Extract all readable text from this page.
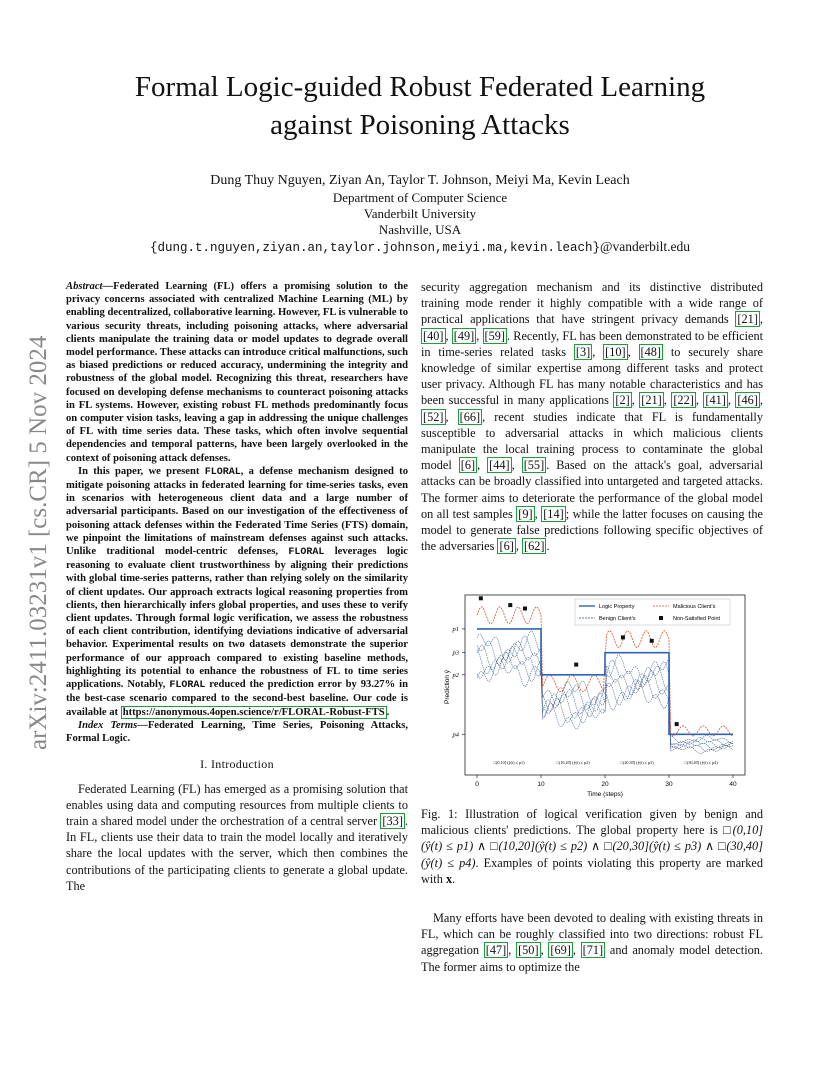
arXiv:2411.03231v1 [cs.CR] 5 Nov 2024
Formal Logic-guided Robust Federated Learning
against Poisoning Attacks
Dung Thuy Nguyen, Ziyan An, Taylor T. Johnson, Meiyi Ma, Kevin Leach
Department of Computer Science
Vanderbilt University
Nashville, USA
{dung.t.nguyen,ziyan.an,taylor.johnson,meiyi.ma,kevin.leach}@vanderbilt.edu

Abstract—Federated Learning (FL) offers a promising solution to the privacy concerns associated with centralized Machine Learning (ML) by enabling decentralized, collaborative learning. However, FL is vulnerable to various security threats, including poisoning attacks, where adversarial clients manipulate the training data or model updates to degrade overall model performance. These attacks can introduce critical malfunctions, such as biased predictions or reduced accuracy, undermining the integrity and robustness of the global model. Recognizing this threat, researchers have focused on developing defense mechanisms to counteract poisoning attacks in FL systems. However, existing robust FL methods predominantly focus on computer vision tasks, leaving a gap in addressing the unique challenges of FL with time series data. These tasks, which often involve sequential dependencies and temporal patterns, have been largely overlooked in the context of poisoning attack defenses.

In this paper, we present FLORAL, a defense mechanism designed to mitigate poisoning attacks in federated learning for time-series tasks, even in scenarios with heterogeneous client data and a large number of adversarial participants. Based on our investigation of the effectiveness of poisoning attack defenses within the Federated Time Series (FTS) domain, we pinpoint the limitations of mainstream defenses against such attacks. Unlike traditional model-centric defenses, FLORAL leverages logic reasoning to evaluate client trustworthiness by aligning their predictions with global time-series patterns, rather than relying solely on the similarity of client updates. Our approach extracts logical reasoning properties from clients, then hierarchically infers global properties, and uses these to verify client updates. Through formal logic verification, we assess the robustness of each client contribution, identifying deviations indicative of adversarial behavior. Experimental results on two datasets demonstrate the superior performance of our approach compared to existing baseline methods, highlighting its potential to enhance the robustness of FL to time series applications. Notably, FLORAL reduced the prediction error by 93.27% in the best-case scenario compared to the second-best baseline. Our code is available at https://anonymous.4open.science/r/FLORAL-Robust-FTS .

Index Terms—Federated Learning, Time Series, Poisoning Attacks, Formal Logic.
I. Introduction

Federated Learning (FL) has emerged as a promising solution that enables using data and computing resources from multiple clients to train a shared model under the orchestration of a central server [33] . In FL, clients use their data to train the model locally and iteratively share the local updates with the server, which then combines the contributions of the participating clients to generate a global update. The

security aggregation mechanism and its distinctive distributed training mode render it highly compatible with a wide range of practical applications that have stringent privacy demands [21] , [40] , [49] , [59] . Recently, FL has been demonstrated to be efficient in time-series related tasks [3] , [10] , [48] to securely share knowledge of similar expertise among different tasks and protect user privacy. Although FL has many notable characteristics and has been successful in many applications [2] , [21] , [22] , [41] , [46] , [52] , [66] , recent studies indicate that FL is fundamentally susceptible to adversarial attacks in which malicious clients manipulate the local training process to contaminate the global model [6] , [44] , [55] . Based on the attack's goal, adversarial attacks can be broadly classified into untargeted and targeted attacks. The former aims to deteriorate the performance of the global model on all test samples [9] , [14] ; while the latter focuses on causing the model to generate false predictions following specific objectives of the adversaries [6] , [62] .

0	10	20	30	40
Time (steps)
Prediction ŷ
p1
p3
p2
p4
□(0,10] (ŷ(t) ≤ p1)	□(10,20] (ŷ(t) ≤ p2)	□(20,30] (ŷ(t) ≤ p3)	□(30,40] (ŷ(t) ≤ p4)
Logic Property
Benign Client's
Malicious Client's
Non-Satisfied Point
Fig. 1: Illustration of logical verification given by benign and malicious clients' predictions. The global property here is □(0,10](ŷ(t) ≤ p1) ∧ □(10,20](ŷ(t) ≤ p2) ∧ □(20,30](ŷ(t) ≤ p3) ∧ □(30,40](ŷ(t) ≤ p4). Examples of points violating this property are marked with x.

Many efforts have been devoted to dealing with existing threats in FL, which can be roughly classified into two directions: robust FL aggregation [47] , [50] , [69] , [71] and anomaly model detection. The former aims to optimize the
